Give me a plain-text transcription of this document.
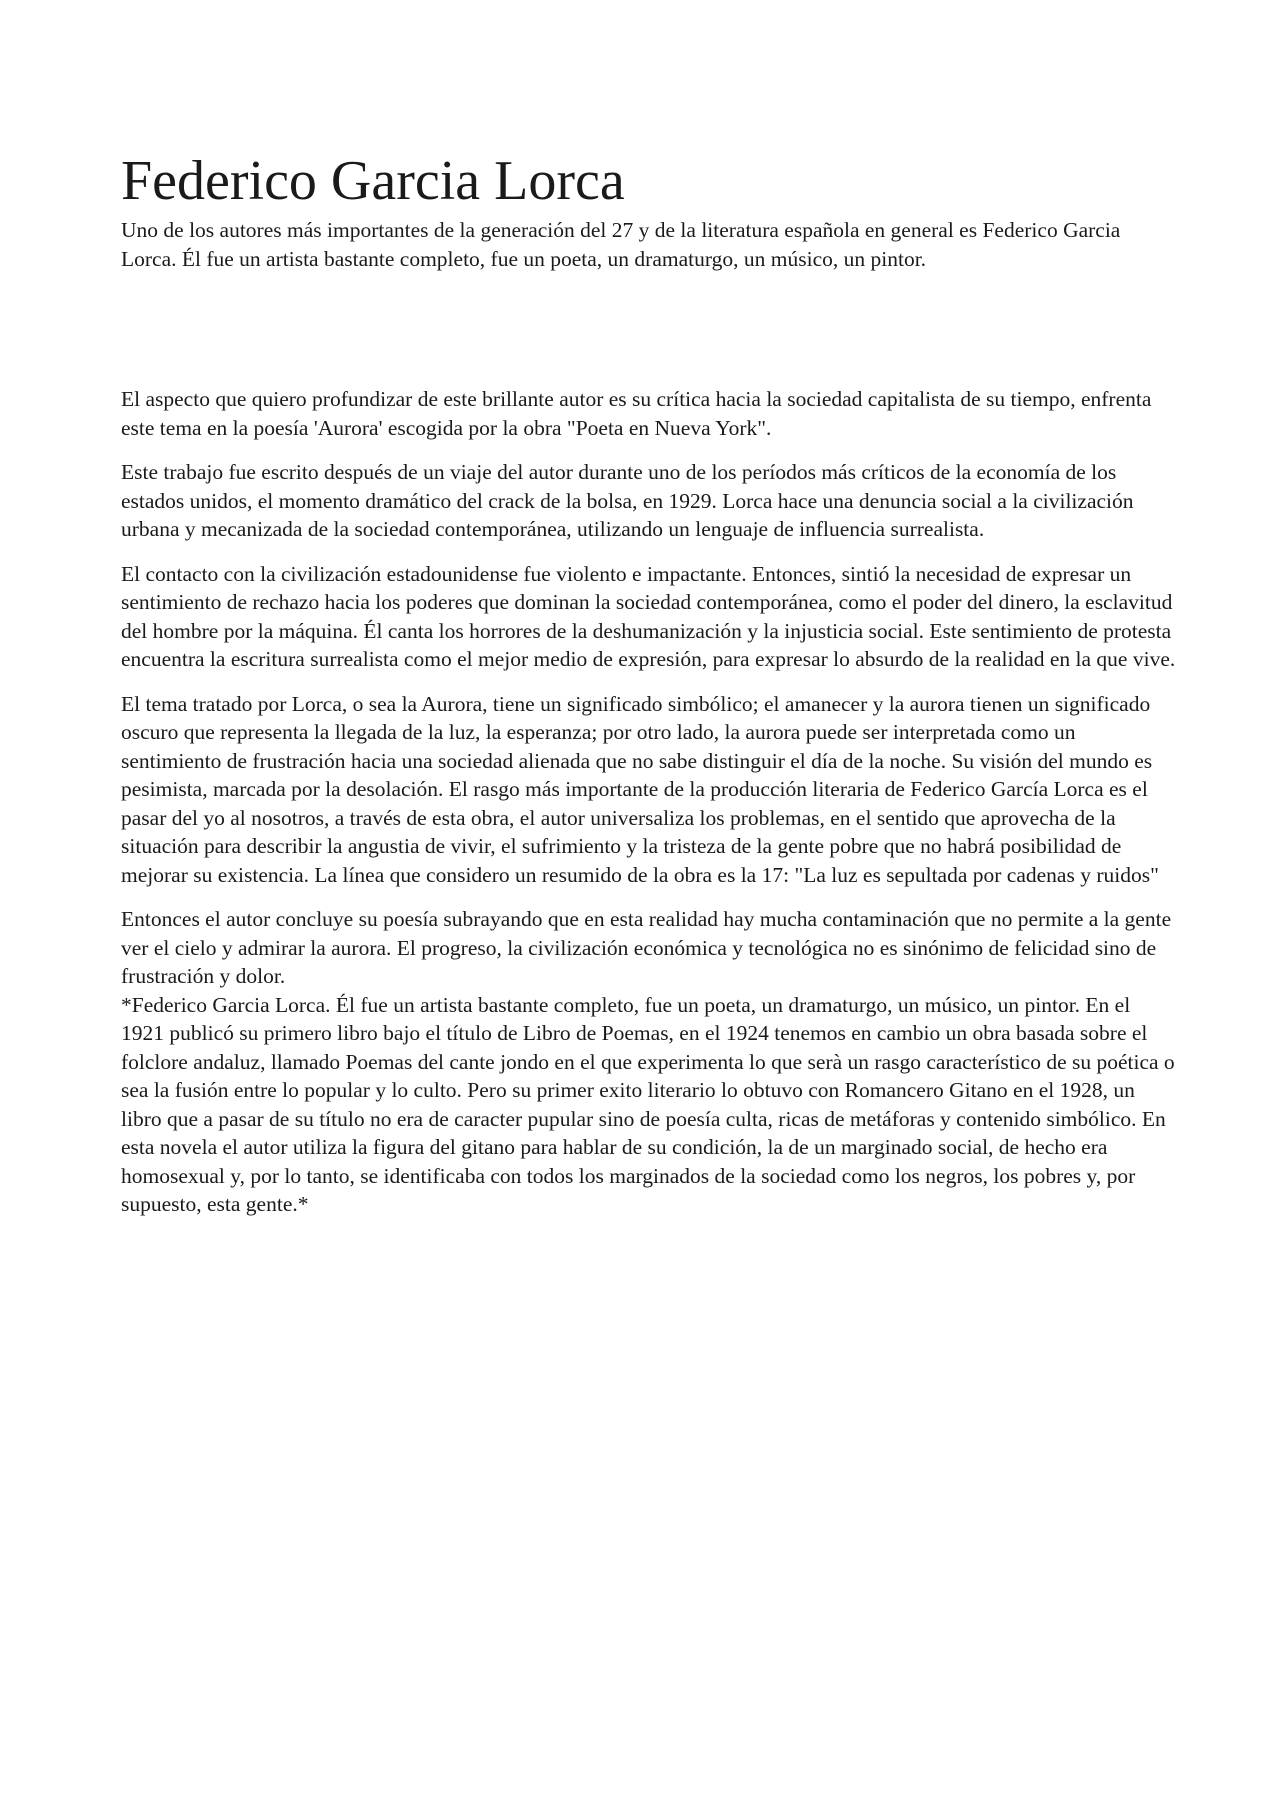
Federico Garcia Lorca

Uno de los autores más importantes de la generación del 27 y de la literatura española en general es Federico Garcia Lorca. Él fue un artista bastante completo, fue un poeta, un dramaturgo, un músico, un pintor.

El aspecto que quiero profundizar de este brillante autor es su crítica hacia la sociedad capitalista de su tiempo, enfrenta este tema en la poesía 'Aurora' escogida por la obra "Poeta en Nueva York".

Este trabajo fue escrito después de un viaje del autor durante uno de los períodos más críticos de la economía de los estados unidos, el momento dramático del crack de la bolsa, en 1929. Lorca hace una denuncia social a la civilización urbana y mecanizada de la sociedad contemporánea, utilizando un lenguaje de influencia surrealista.

El contacto con la civilización estadounidense fue violento e impactante. Entonces, sintió la necesidad de expresar un sentimiento de rechazo hacia los poderes que dominan la sociedad contemporánea, como el poder del dinero, la esclavitud del hombre por la máquina. Él canta los horrores de la deshumanización y la injusticia social. Este sentimiento de protesta encuentra la escritura surrealista como el mejor medio de expresión, para expresar lo absurdo de la realidad en la que vive.

El tema tratado por Lorca, o sea la Aurora, tiene un significado simbólico; el amanecer y la aurora tienen un significado oscuro que representa la llegada de la luz, la esperanza; por otro lado, la aurora puede ser interpretada como un sentimiento de frustración hacia una sociedad alienada que no sabe distinguir el día de la noche. Su visión del mundo es pesimista, marcada por la desolación. El rasgo más importante de la producción literaria de Federico García Lorca es el pasar del yo al nosotros, a través de esta obra, el autor universaliza los problemas, en el sentido que aprovecha de la situación para describir la angustia de vivir, el sufrimiento y la tristeza de la gente pobre que no habrá posibilidad de mejorar su existencia. La línea que considero un resumido de la obra es la 17: "La luz es sepultada por cadenas y ruidos"

Entonces el autor concluye su poesía subrayando que en esta realidad hay mucha contaminación que no permite a la gente ver el cielo y admirar la aurora. El progreso, la civilización económica y tecnológica no es sinónimo de felicidad sino de frustración y dolor.

*Federico Garcia Lorca. Él fue un artista bastante completo, fue un poeta, un dramaturgo, un músico, un pintor. En el 1921 publicó su primero libro bajo el título de Libro de Poemas, en el 1924 tenemos en cambio un obra basada sobre el folclore andaluz, llamado Poemas del cante jondo en el que experimenta lo que serà un rasgo característico de su poética o sea la fusión entre lo popular y lo culto. Pero su primer exito literario lo obtuvo con Romancero Gitano en el 1928, un libro que a pasar de su título no era de caracter pupular sino de poesía culta, ricas de metáforas y contenido simbólico. En esta novela el autor utiliza la figura del gitano para hablar de su condición, la de un marginado social, de hecho era homosexual y, por lo tanto, se identificaba con todos los marginados de la sociedad como los negros, los pobres y, por supuesto, esta gente.*
